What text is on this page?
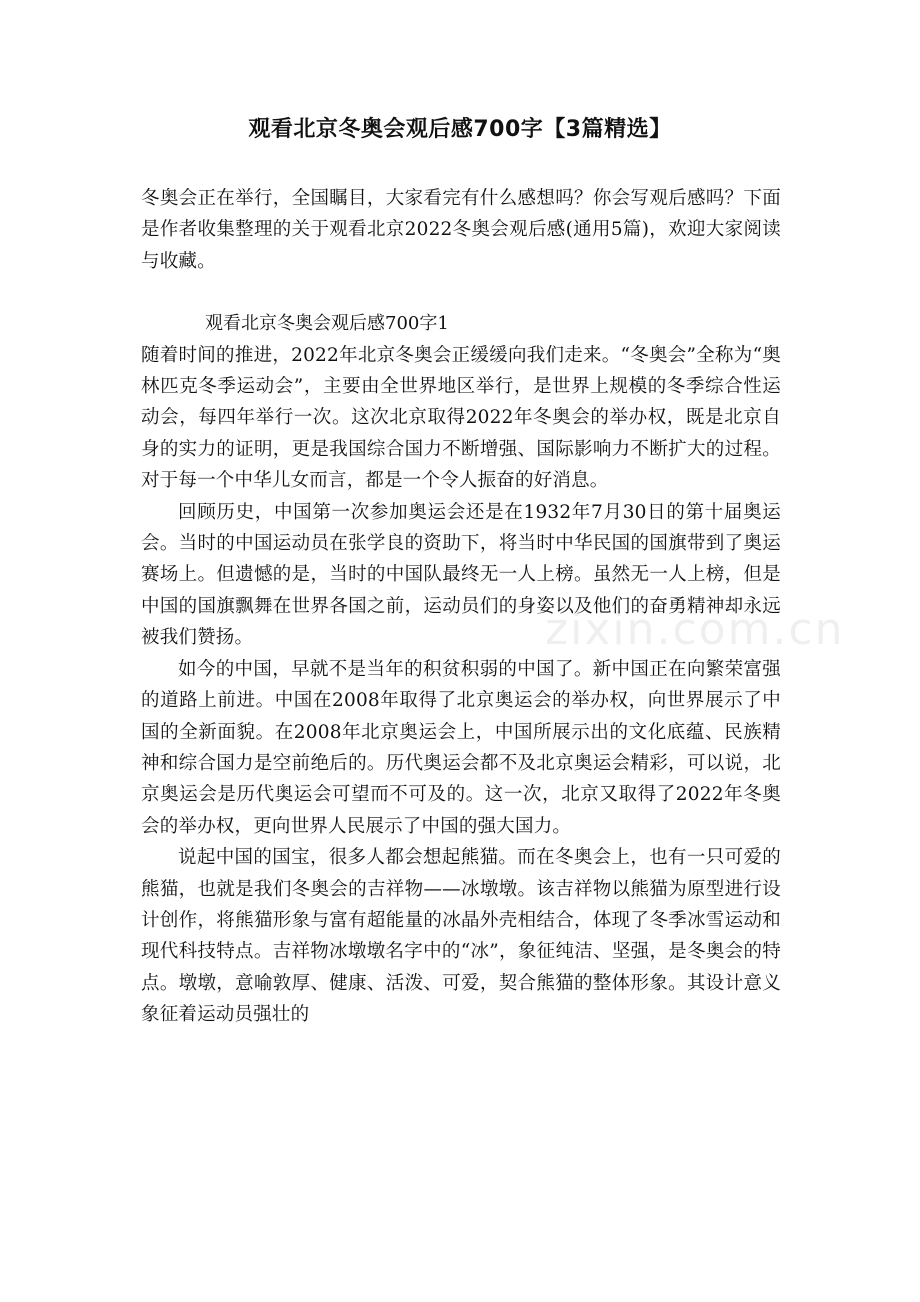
观看北京冬奥会观后感700字【3篇精选】

冬奥会正在举行，全国瞩目，大家看完有什么感想吗？你会写观后感吗？下面是作者收集整理的关于观看北京2022冬奥会观后感(通用5篇)，欢迎大家阅读与收藏。

观看北京冬奥会观后感700字1

随着时间的推进，2022年北京冬奥会正缓缓向我们走来。“冬奥会”全称为“奥林匹克冬季运动会”，主要由全世界地区举行，是世界上规模的冬季综合性运动会，每四年举行一次。这次北京取得2022年冬奥会的举办权，既是北京自身的实力的证明，更是我国综合国力不断增强、国际影响力不断扩大的过程。对于每一个中华儿女而言，都是一个令人振奋的好消息。

回顾历史，中国第一次参加奥运会还是在1932年7月30日的第十届奥运会。当时的中国运动员在张学良的资助下，将当时中华民国的国旗带到了奥运赛场上。但遗憾的是，当时的中国队最终无一人上榜。虽然无一人上榜，但是中国的国旗飘舞在世界各国之前，运动员们的身姿以及他们的奋勇精神却永远被我们赞扬。

如今的中国，早就不是当年的积贫积弱的中国了。新中国正在向繁荣富强的道路上前进。中国在2008年取得了北京奥运会的举办权，向世界展示了中国的全新面貌。在2008年北京奥运会上，中国所展示出的文化底蕴、民族精神和综合国力是空前绝后的。历代奥运会都不及北京奥运会精彩，可以说，北京奥运会是历代奥运会可望而不可及的。这一次，北京又取得了2022年冬奥会的举办权，更向世界人民展示了中国的强大国力。

说起中国的国宝，很多人都会想起熊猫。而在冬奥会上，也有一只可爱的熊猫，也就是我们冬奥会的吉祥物——冰墩墩。该吉祥物以熊猫为原型进行设计创作，将熊猫形象与富有超能量的冰晶外壳相结合，体现了冬季冰雪运动和现代科技特点。吉祥物冰墩墩名字中的“冰”，象征纯洁、坚强，是冬奥会的特点。墩墩，意喻敦厚、健康、活泼、可爱，契合熊猫的整体形象。其设计意义象征着运动员强壮的

zixin.com.cn
